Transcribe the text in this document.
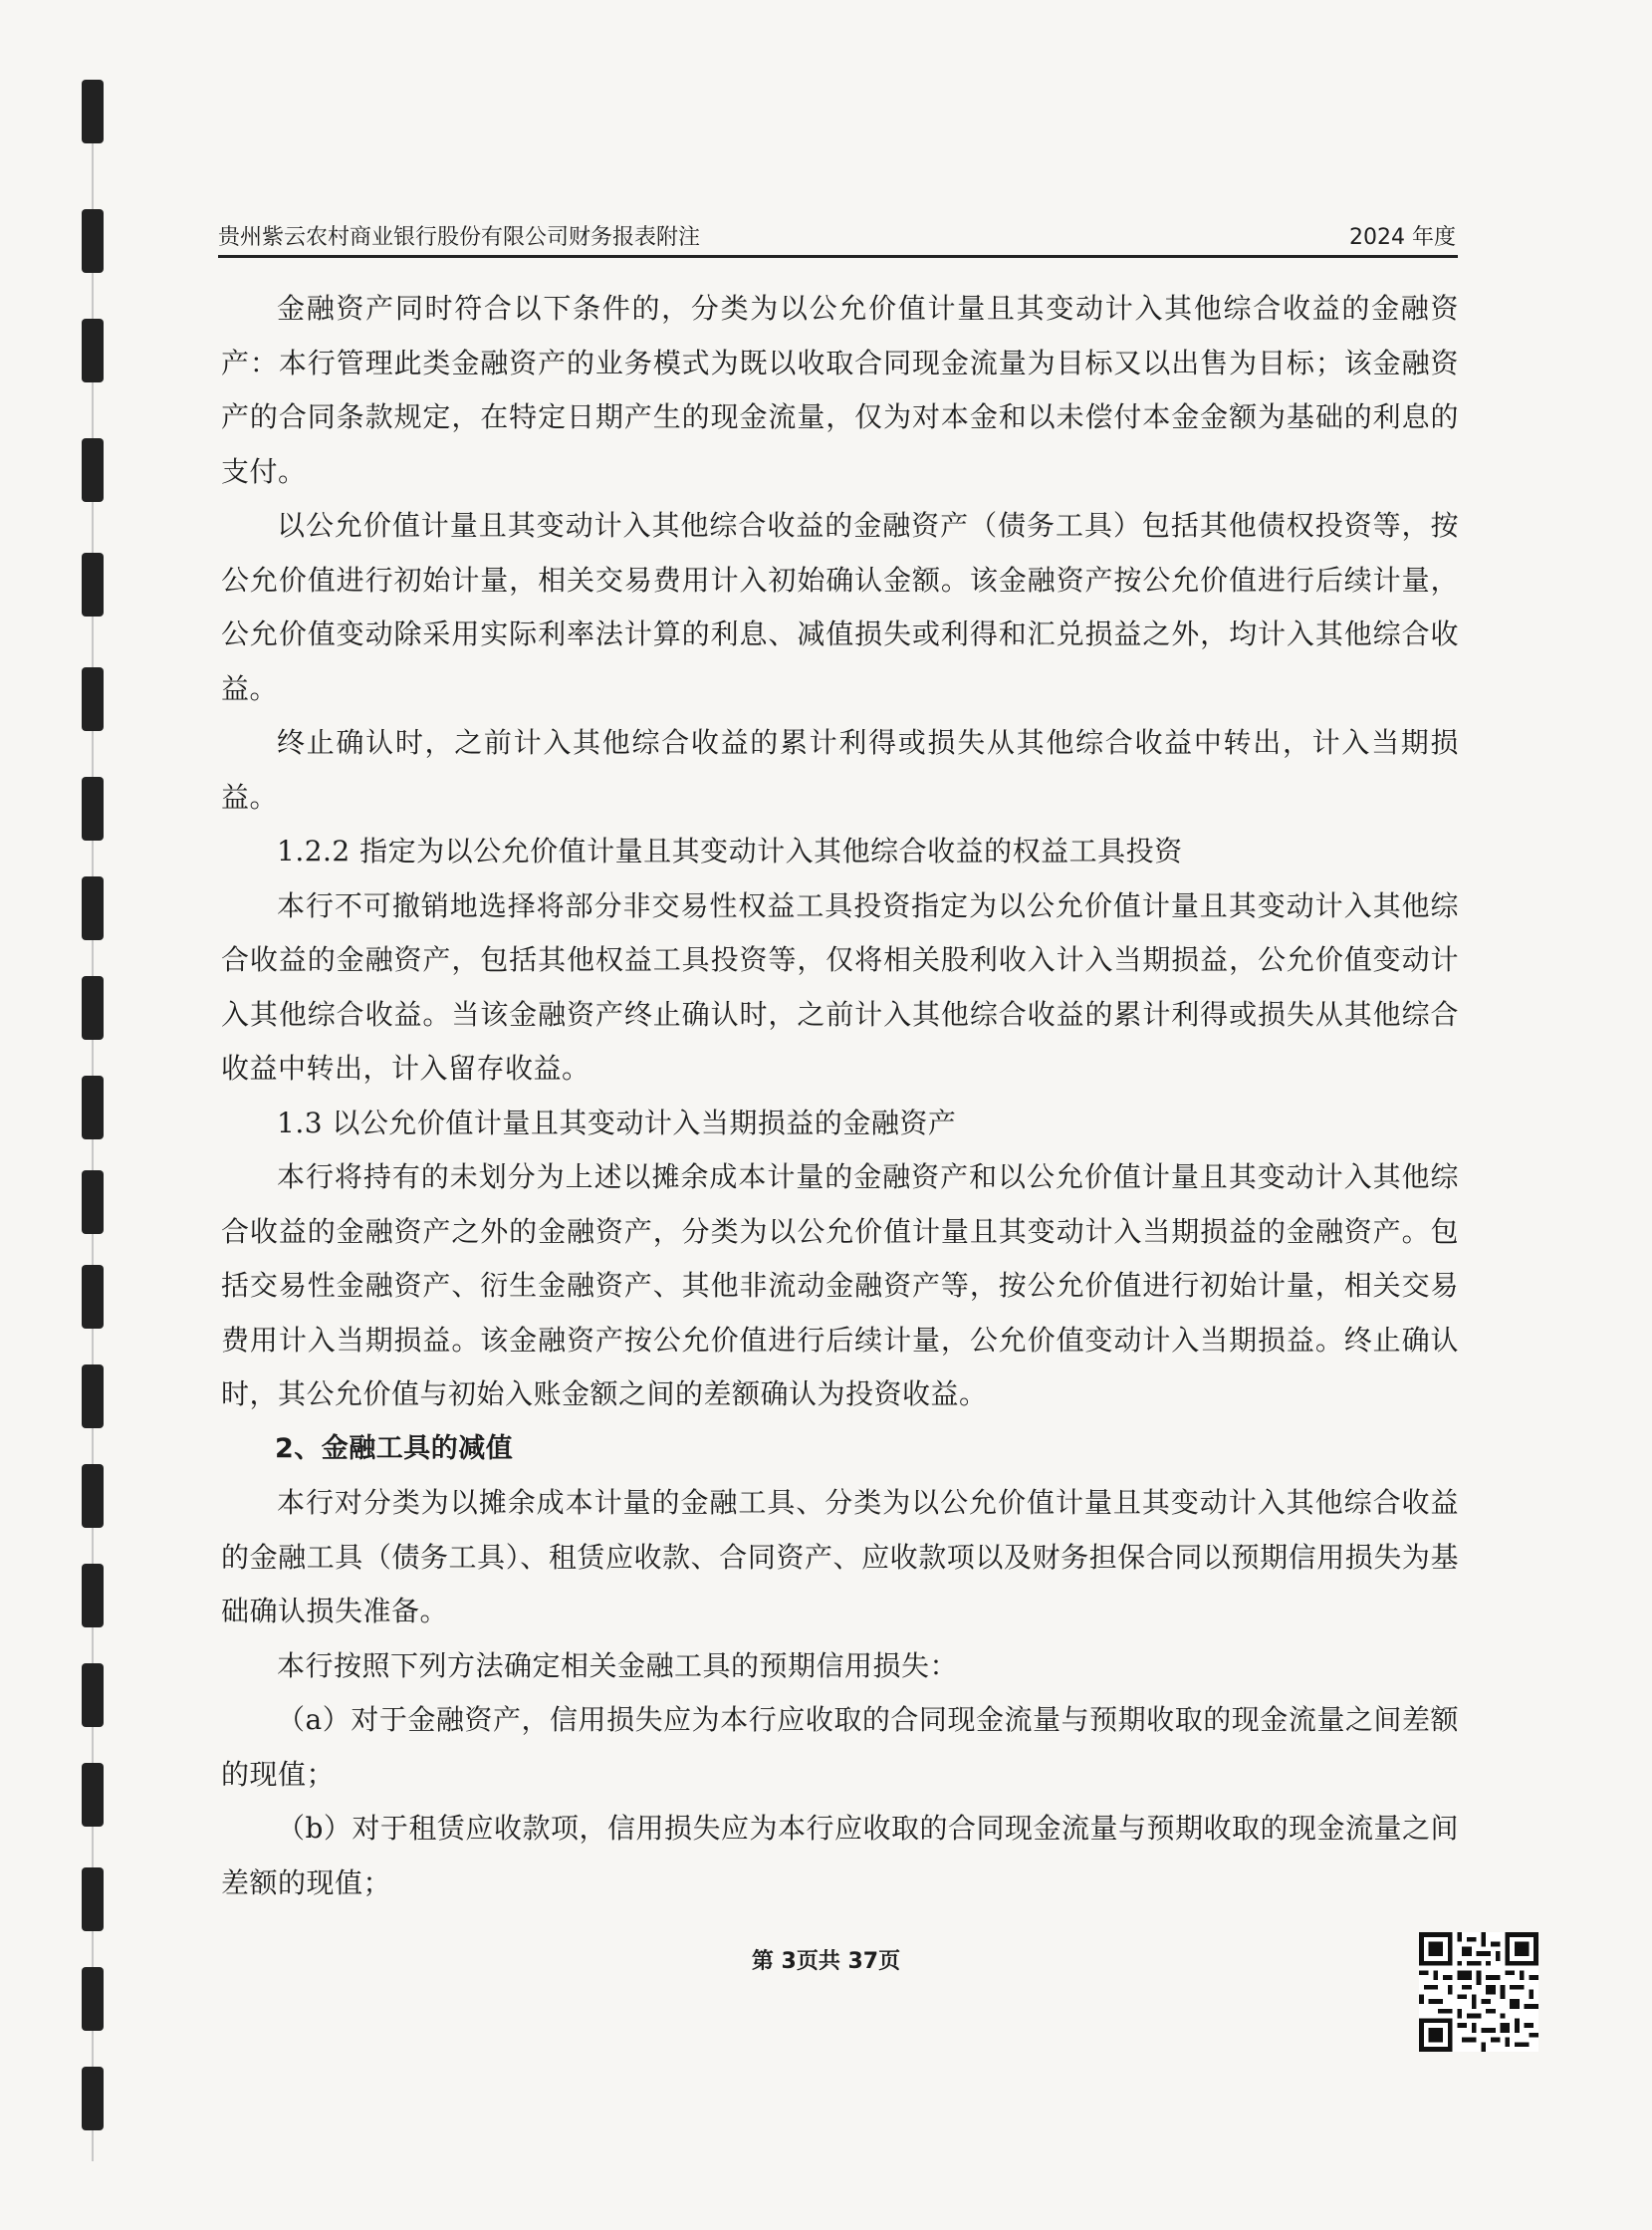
贵州紫云农村商业银行股份有限公司财务报表附注	2024 年度

金融资产同时符合以下条件的，分类为以公允价值计量且其变动计入其他综合收益的金融资产：本行管理此类金融资产的业务模式为既以收取合同现金流量为目标又以出售为目标；该金融资产的合同条款规定，在特定日期产生的现金流量，仅为对本金和以未偿付本金金额为基础的利息的支付。

以公允价值计量且其变动计入其他综合收益的金融资产（债务工具）包括其他债权投资等，按公允价值进行初始计量，相关交易费用计入初始确认金额。该金融资产按公允价值进行后续计量，公允价值变动除采用实际利率法计算的利息、减值损失或利得和汇兑损益之外，均计入其他综合收益。

终止确认时，之前计入其他综合收益的累计利得或损失从其他综合收益中转出，计入当期损益。

1.2.2 指定为以公允价值计量且其变动计入其他综合收益的权益工具投资

本行不可撤销地选择将部分非交易性权益工具投资指定为以公允价值计量且其变动计入其他综合收益的金融资产，包括其他权益工具投资等，仅将相关股利收入计入当期损益，公允价值变动计入其他综合收益。当该金融资产终止确认时，之前计入其他综合收益的累计利得或损失从其他综合收益中转出，计入留存收益。

1.3 以公允价值计量且其变动计入当期损益的金融资产

本行将持有的未划分为上述以摊余成本计量的金融资产和以公允价值计量且其变动计入其他综合收益的金融资产之外的金融资产，分类为以公允价值计量且其变动计入当期损益的金融资产。包括交易性金融资产、衍生金融资产、其他非流动金融资产等，按公允价值进行初始计量，相关交易费用计入当期损益。该金融资产按公允价值进行后续计量，公允价值变动计入当期损益。终止确认时，其公允价值与初始入账金额之间的差额确认为投资收益。

2、金融工具的减值

本行对分类为以摊余成本计量的金融工具、分类为以公允价值计量且其变动计入其他综合收益的金融工具（债务工具）、租赁应收款、合同资产、应收款项以及财务担保合同以预期信用损失为基础确认损失准备。

本行按照下列方法确定相关金融工具的预期信用损失：

（a）对于金融资产，信用损失应为本行应收取的合同现金流量与预期收取的现金流量之间差额的现值；

（b）对于租赁应收款项，信用损失应为本行应收取的合同现金流量与预期收取的现金流量之间差额的现值；

第 3页共 37页
